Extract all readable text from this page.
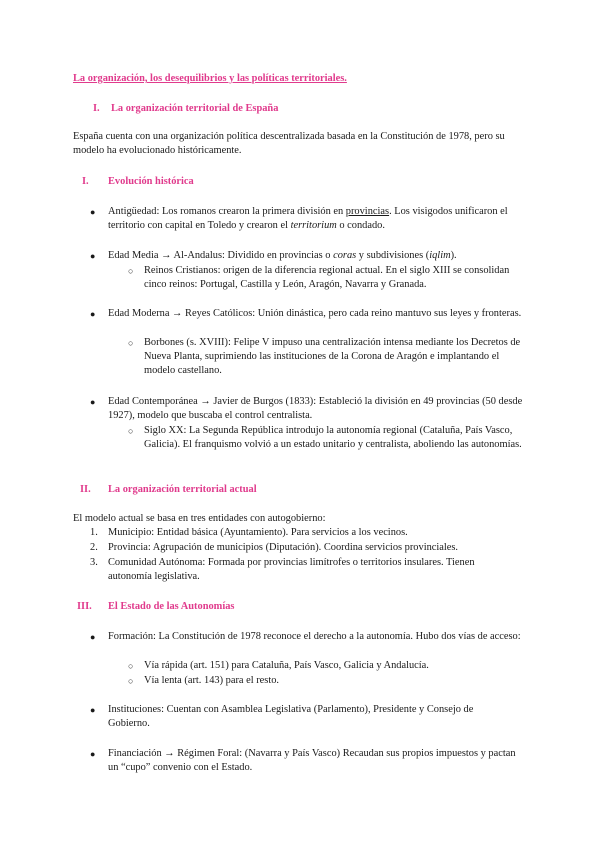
La organización, los desequilibrios y las políticas territoriales.
I. La organización territorial de España
España cuenta con una organización política descentralizada basada en la Constitución de 1978, pero su modelo ha evolucionado históricamente.
I. Evolución histórica
● Antigüedad: Los romanos crearon la primera división en provincias. Los visigodos unificaron el territorio con capital en Toledo y crearon el territorium o condado.
● Edad Media → Al-Andalus: Dividido en provincias o coras y subdivisiones (iqlim).
○ Reinos Cristianos: origen de la diferencia regional actual. En el siglo XIII se consolidan cinco reinos: Portugal, Castilla y León, Aragón, Navarra y Granada.
● Edad Moderna → Reyes Católicos: Unión dinástica, pero cada reino mantuvo sus leyes y fronteras.
○ Borbones (s. XVIII): Felipe V impuso una centralización intensa mediante los Decretos de Nueva Planta, suprimiendo las instituciones de la Corona de Aragón e implantando el modelo castellano.
● Edad Contemporánea → Javier de Burgos (1833): Estableció la división en 49 provincias (50 desde 1927), modelo que buscaba el control centralista.
○ Siglo XX: La Segunda República introdujo la autonomía regional (Cataluña, País Vasco, Galicia). El franquismo volvió a un estado unitario y centralista, aboliendo las autonomías.
II. La organización territorial actual
El modelo actual se basa en tres entidades con autogobierno:
1. Municipio: Entidad básica (Ayuntamiento). Para servicios a los vecinos.
2. Provincia: Agrupación de municipios (Diputación). Coordina servicios provinciales.
3. Comunidad Autónoma: Formada por provincias limítrofes o territorios insulares. Tienen autonomía legislativa.
III. El Estado de las Autonomías
● Formación: La Constitución de 1978 reconoce el derecho a la autonomía. Hubo dos vías de acceso:
○ Vía rápida (art. 151) para Cataluña, País Vasco, Galicia y Andalucía.
○ Vía lenta (art. 143) para el resto.
● Instituciones: Cuentan con Asamblea Legislativa (Parlamento), Presidente y Consejo de Gobierno.
● Financiación → Régimen Foral: (Navarra y País Vasco) Recaudan sus propios impuestos y pactan un “cupo” convenio con el Estado.
